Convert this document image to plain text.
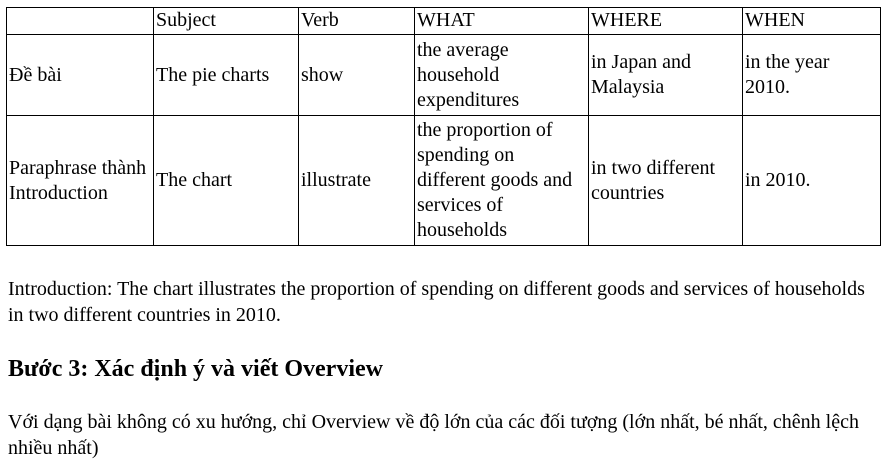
	Subject	Verb	WHAT	WHERE	WHEN
Đề bài	The pie charts	show	the average household expenditures	in Japan and Malaysia	in the year 2010.
Paraphrase thành Introduction	The chart	illustrate	the proportion of spending on different goods and services of households	in two different countries	in 2010.

Introduction: The chart illustrates the proportion of spending on different goods and services of households in two different countries in 2010.

Bước 3: Xác định ý và viết Overview

Với dạng bài không có xu hướng, chỉ Overview về độ lớn của các đối tượng (lớn nhất, bé nhất, chênh lệch nhiều nhất)
